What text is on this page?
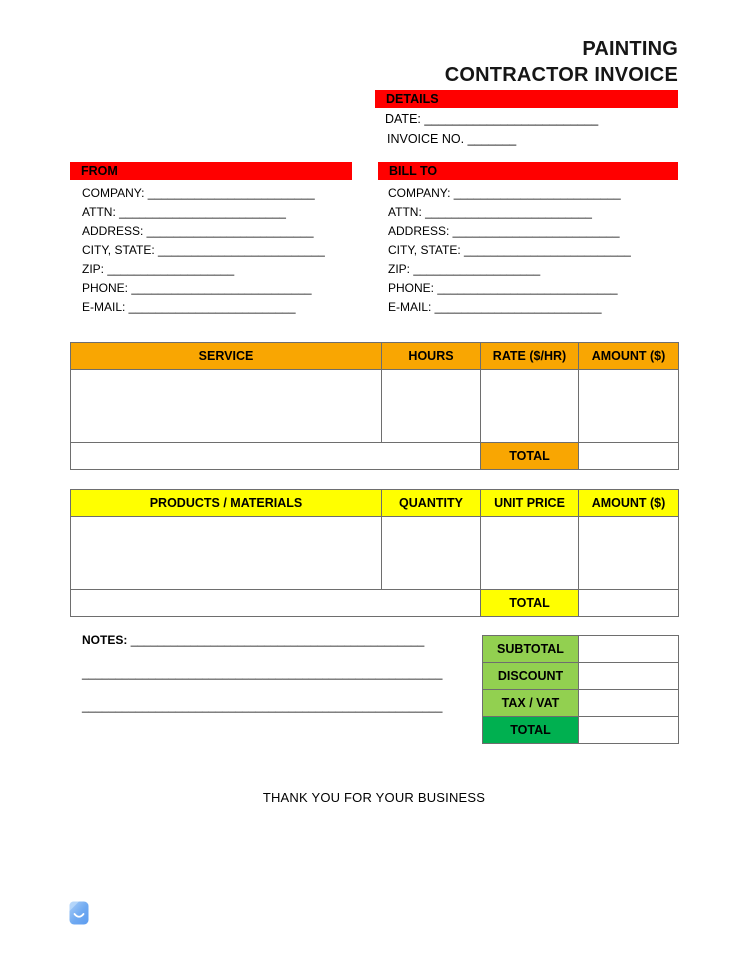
PAINTING
CONTRACTOR INVOICE
DETAILS
DATE: _________________________
INVOICE NO. _______
FROM
COMPANY: _________________________
ATTN: _________________________
ADDRESS: _________________________
CITY, STATE: _________________________
ZIP: ___________________
PHONE: ___________________________
E-MAIL: _________________________
BILL TO
COMPANY: _________________________
ATTN: _________________________
ADDRESS: _________________________
CITY, STATE: _________________________
ZIP: ___________________
PHONE: ___________________________
E-MAIL: _________________________
SERVICE	HOURS	RATE ($/HR)	AMOUNT ($)

		TOTAL	
PRODUCTS / MATERIALS	QUANTITY	UNIT PRICE	AMOUNT ($)

		TOTAL	
NOTES: ____________________________________________
______________________________________________________
______________________________________________________
SUBTOTAL	
DISCOUNT	
TAX / VAT	
TOTAL	
THANK YOU FOR YOUR BUSINESS
